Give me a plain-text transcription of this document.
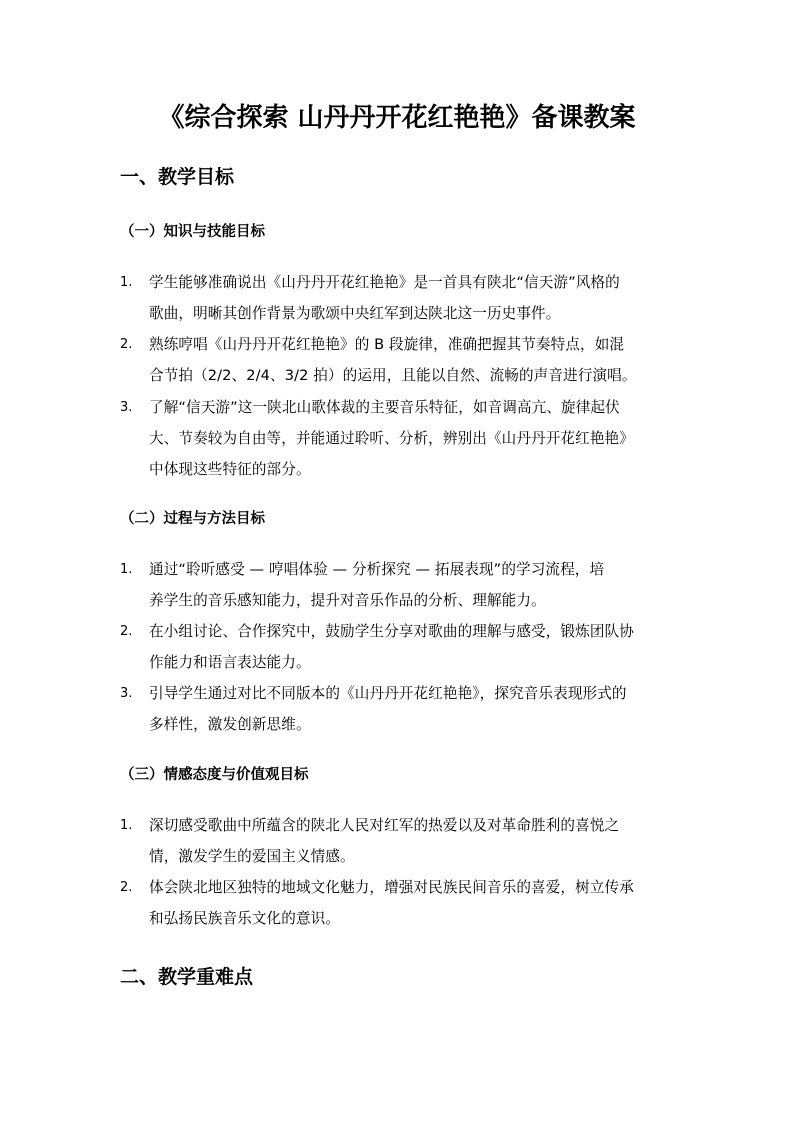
《综合探索 山丹丹开花红艳艳》备课教案
一、教学目标
（一）知识与技能目标
1. 学生能够准确说出《山丹丹开花红艳艳》是一首具有陕北“信天游”风格的
歌曲，明晰其创作背景为歌颂中央红军到达陕北这一历史事件。
2. 熟练哼唱《山丹丹开花红艳艳》的 B 段旋律，准确把握其节奏特点，如混
合节拍（2/2、2/4、3/2 拍）的运用，且能以自然、流畅的声音进行演唱。
3. 了解“信天游”这一陕北山歌体裁的主要音乐特征，如音调高亢、旋律起伏
大、节奏较为自由等，并能通过聆听、分析，辨别出《山丹丹开花红艳艳》
中体现这些特征的部分。
（二）过程与方法目标
1. 通过“聆听感受 — 哼唱体验 — 分析探究 — 拓展表现”的学习流程，培
养学生的音乐感知能力，提升对音乐作品的分析、理解能力。
2. 在小组讨论、合作探究中，鼓励学生分享对歌曲的理解与感受，锻炼团队协
作能力和语言表达能力。
3. 引导学生通过对比不同版本的《山丹丹开花红艳艳》，探究音乐表现形式的
多样性，激发创新思维。
（三）情感态度与价值观目标
1. 深切感受歌曲中所蕴含的陕北人民对红军的热爱以及对革命胜利的喜悦之
情，激发学生的爱国主义情感。
2. 体会陕北地区独特的地域文化魅力，增强对民族民间音乐的喜爱，树立传承
和弘扬民族音乐文化的意识。
二、教学重难点
